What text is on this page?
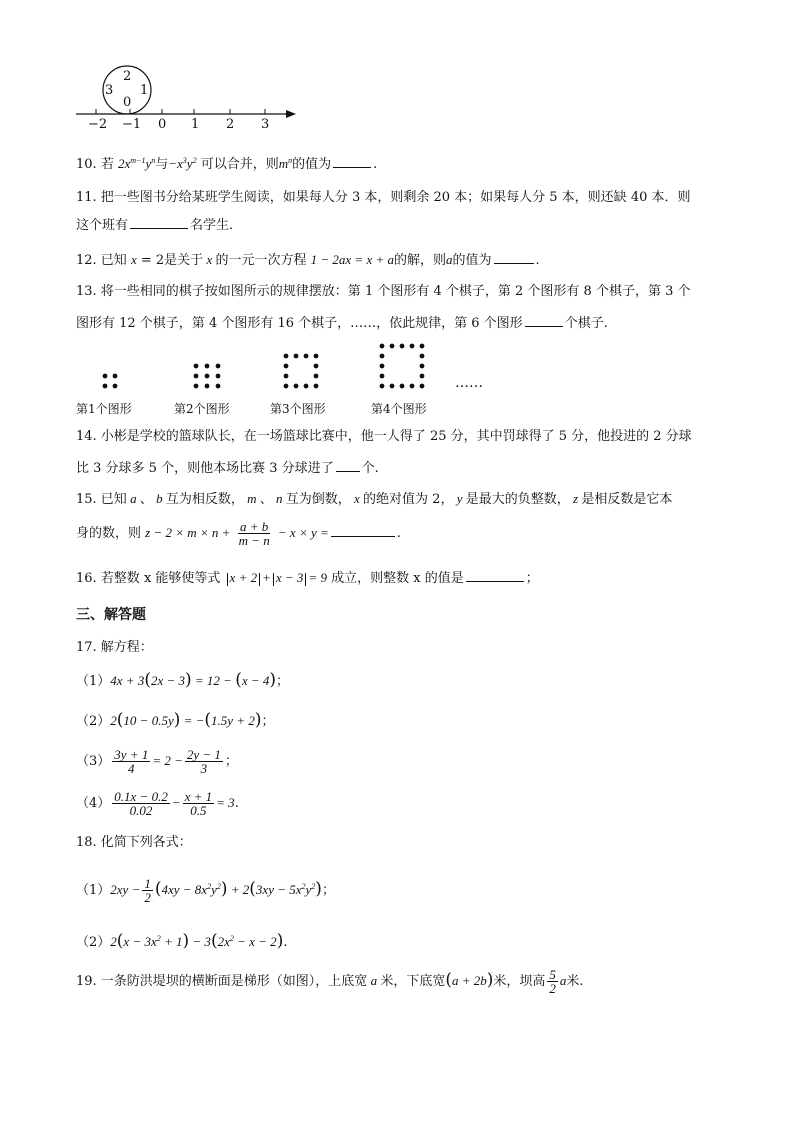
2
3 1
0
−2 −1 0 1 2 3
10. 若 $2x^{m-1}y^n$与$-x^3y^2$ 可以合并，则$m^n$的值为	.
11. 把一些图书分给某班学生阅读，如果每人分 3 本，则剩余 20 本；如果每人分 5 本，则还缺 40 本．则
这个班有	名学生．
12. 已知 x = 2是关于 x 的一元一次方程 1 − 2ax = x + a的解，则a的值为	.
13. 将一些相同的棋子按如图所示的规律摆放：第 1 个图形有 4 个棋子，第 2 个图形有 8 个棋子，第 3 个
图形有 12 个棋子，第 4 个图形有 16 个棋子，……，依此规律，第 6 个图形	个棋子.
……
第1个图形	第2个图形	第3个图形	第4个图形
14. 小彬是学校的篮球队长，在一场篮球比赛中，他一人得了 25 分，其中罚球得了 5 分，他投进的 2 分球
比 3 分球多 5 个，则他本场比赛 3 分球进了 个.
15. 已知 a 、 b 互为相反数， m 、 n 互为倒数， x 的绝对值为 2， y 是最大的负整数， z 是相反数是它本
身的数，则 $z - 2 \times m \times n + \frac{a + b}{m - n} - x \times y$ =	.
16. 若整数 x 能够使等式 x + 2 + x − 3 = 9 成立，则整数 x 的值是	；
三、解答题
17. 解方程：
（1）4x + 3(2x − 3) = 12 − (x − 4)；
（2）2(10 − 0.5y) = −(1.5y + 2)；
$(3) \frac{3y + 1}{4} = 2 - \frac{2y - 1}{3}$ ；
$(4) \frac{0.1x - 0.2}{0.02} - \frac{x + 1}{0.5} = 3$.
18. 化简下列各式：
$(1)2xy - \frac{1}{2} (4xy - 8x^2y^2) + 2(3xy - 5x^2y^2)$；
$(2)2(x - 3x^2 + 1) - 3(2x^2 - x - 2)$.
19. 一条防洪堤坝的横断面是梯形（如图），上底宽 a 米，下底宽(a + 2b)米，坝高 $\frac{5}{2}$ a米.
